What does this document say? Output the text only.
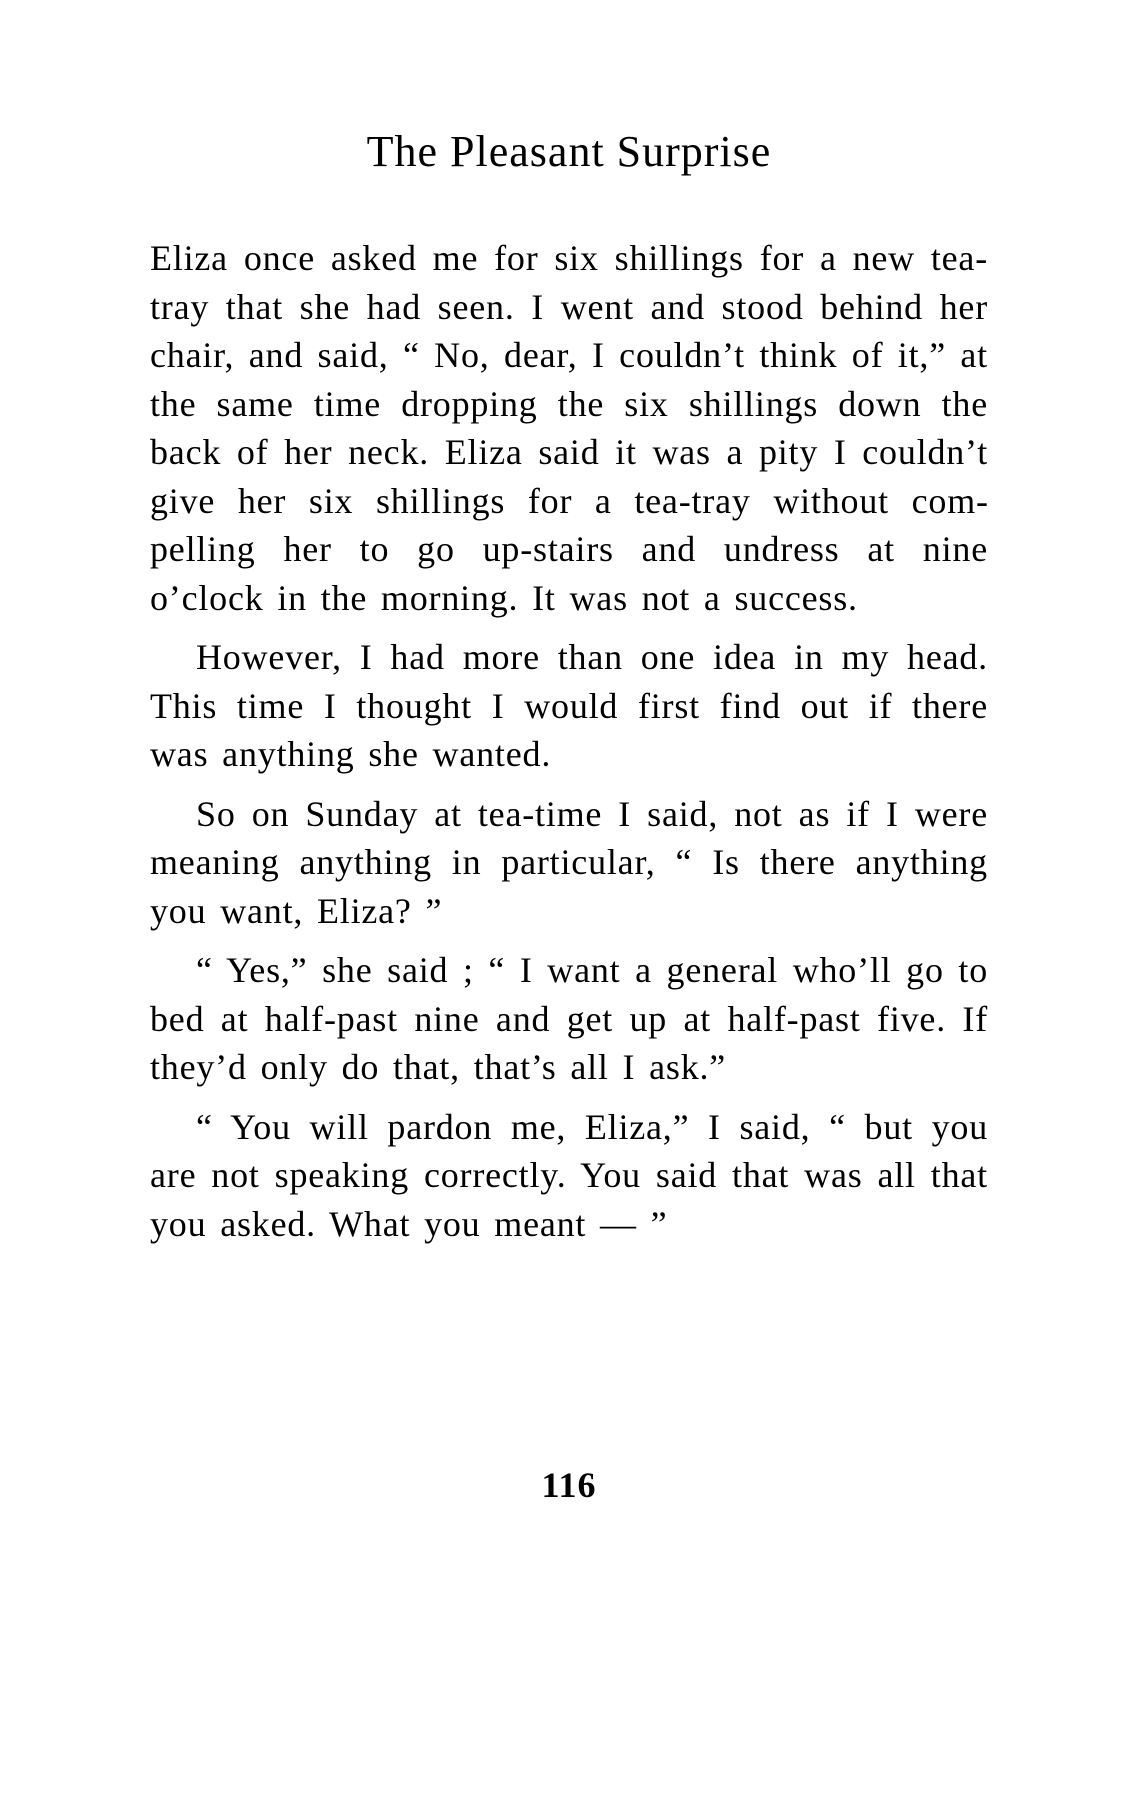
The Pleasant Surprise

Eliza once asked me for six shillings for a new tea-tray that she had seen. I went and stood behind her chair, and said, “ No, dear, I couldn’t think of it,” at the same time dropping the six shillings down the back of her neck. Eliza said it was a pity I couldn’t give her six shillings for a tea-tray without compelling her to go up-stairs and undress at nine o’clock in the morning. It was not a success.

However, I had more than one idea in my head. This time I thought I would first find out if there was anything she wanted.

So on Sunday at tea-time I said, not as if I were meaning anything in particular, “ Is there anything you want, Eliza? ”

“ Yes,” she said ; “ I want a general who’ll go to bed at half-past nine and get up at half-past five. If they’d only do that, that’s all I ask.”

“ You will pardon me, Eliza,” I said, “ but you are not speaking correctly. You said that was all that you asked. What you meant — ”

116
